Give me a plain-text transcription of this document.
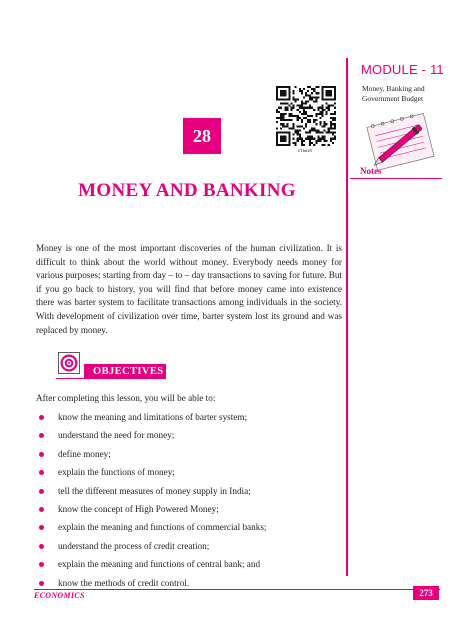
MODULE - 11
Money, Banking and Government Budget
Notes
28
1/1bn28
MONEY AND BANKING

Money is one of the most important discoveries of the human civilization. It is difficult to think about the world without money. Everybody needs money for various purposes; starting from day – to – day transactions to saving for future. But if you go back to history, you will find that before money came into existence there was barter system to facilitate transactions among individuals in the society. With development of civilization over time, barter system lost its ground and was replaced by money.

OBJECTIVES
After completing this lesson, you will be able to:
know the meaning and limitations of barter system;
understand the need for money;
define money;
explain the functions of money;
tell the different measures of money supply in India;
know the concept of High Powered Money;
explain the meaning and functions of commercial banks;
understand the process of credit creation;
explain the meaning and functions of central bank; and
know the methods of credit control.
ECONOMICS	273
